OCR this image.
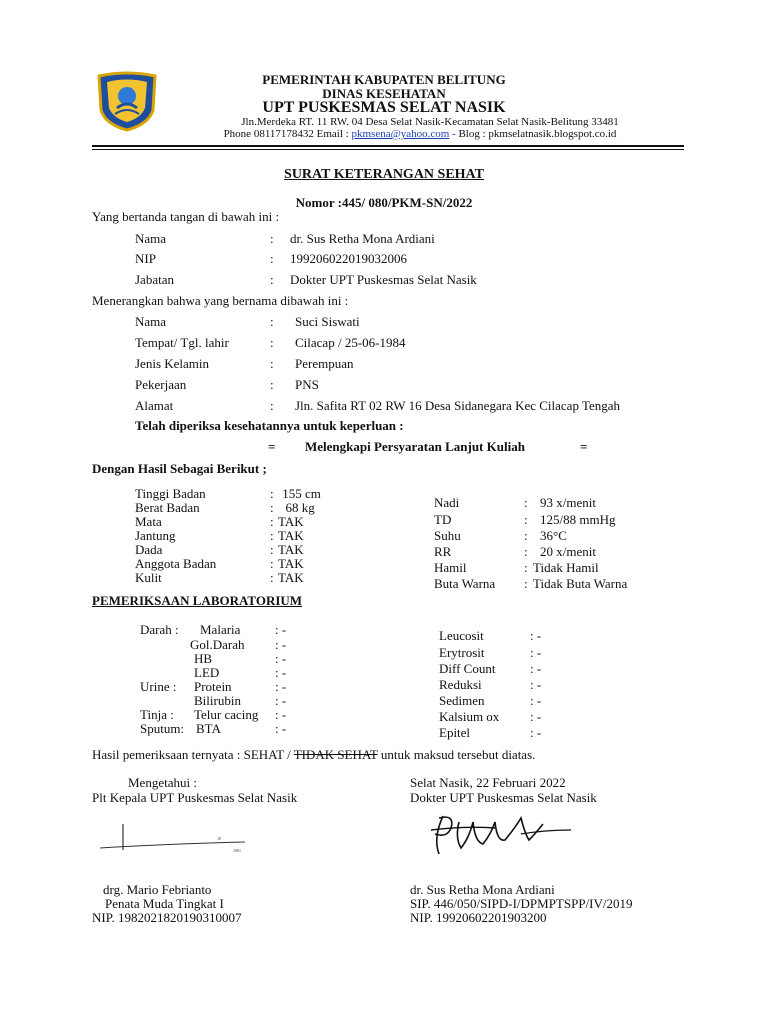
PEMERINTAH KABUPATEN BELITUNG
DINAS KESEHATAN
UPT PUSKESMAS SELAT NASIK
Jln.Merdeka RT. 11 RW. 04 Desa Selat Nasik-Kecamatan Selat Nasik-Belitung 33481
Phone 08117178432 Email : pkmsena@yahoo.com - Blog : pkmselatnasik.blogspot.co.id
SURAT KETERANGAN SEHAT
Nomor :445/ 080/PKM-SN/2022
Yang bertanda tangan di bawah ini :
Nama	: dr. Sus Retha Mona Ardiani
NIP	: 199206022019032006
Jabatan	: Dokter UPT Puskesmas Selat Nasik
Menerangkan bahwa yang bernama dibawah ini :
Nama	: Suci Siswati
Tempat/ Tgl. lahir	: Cilacap / 25-06-1984
Jenis Kelamin	: Perempuan
Pekerjaan	: PNS
Alamat	: Jln. Safita RT 02 RW 16 Desa Sidanegara Kec Cilacap Tengah
Telah diperiksa kesehatannya untuk keperluan :
= Melengkapi Persyaratan Lanjut Kuliah	=
Dengan Hasil Sebagai Berikut ;
Tinggi Badan	: 155 cm
Berat Badan	: 68 kg
Mata	: TAK
Jantung	: TAK
Dada	: TAK
Anggota Badan	: TAK
Kulit	: TAK
Nadi	: 93 x/menit
TD	: 125/88 mmHg
Suhu	: 36°C
RR	: 20 x/menit
Hamil	: Tidak Hamil
Buta Warna : Tidak Buta Warna
PEMERIKSAAN LABORATORIUM
Darah : Malaria	: -
Gol.Darah : -
HB	: -
LED	: -
Urine : Protein	: -
Bilirubin	: -
Tinja : Telur cacing : -
Sputum: BTA	: -
Leucosit	: -
Erytrosit	: -
Diff Count	: -
Reduksi	: -
Sedimen	: -
Kalsium ox : -
Epitel	: -
Hasil pemeriksaan ternyata : SEHAT / TIDAK SEHAT untuk maksud tersebut diatas.
Mengetahui :
Plt Kepala UPT Puskesmas Selat Nasik
18
1001
drg. Mario Febrianto
Penata Muda Tingkat I
NIP. 1982021820190310007
Selat Nasik, 22 Februari 2022
Dokter UPT Puskesmas Selat Nasik
dr. Sus Retha Mona Ardiani
SIP. 446/050/SIPD-I/DPMPTSPP/IV/2019
NIP. 19920602201903200
